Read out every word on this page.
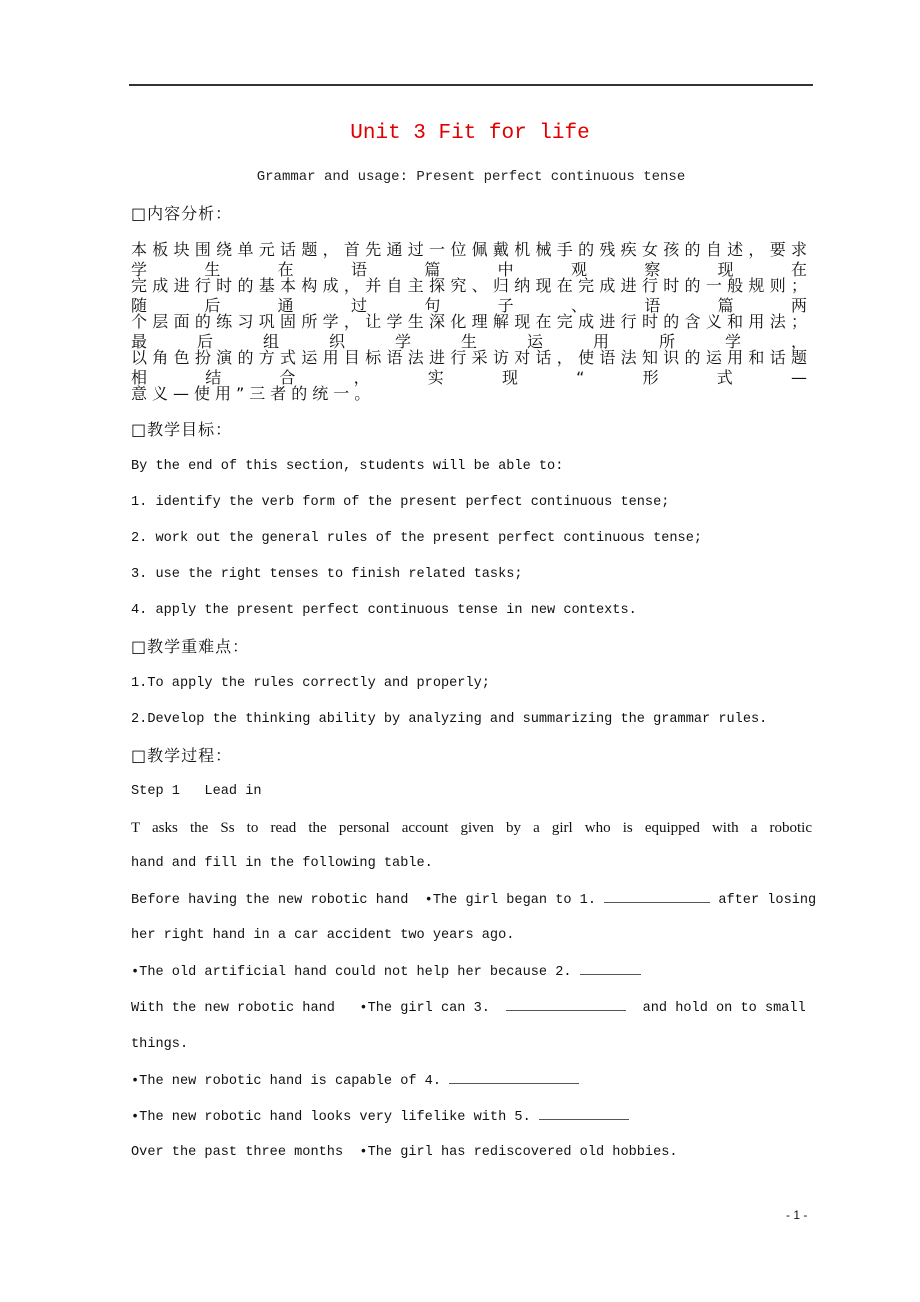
Unit 3 Fit for life
Grammar and usage: Present perfect continuous tense
□内容分析：
本板块围绕单元话题，首先通过一位佩戴机械手的残疾女孩的自述，要求学生在语篇中观察现在
完成进行时的基本构成，并自主探究、归纳现在完成进行时的一般规则；随后通过句子、语篇两
个层面的练习巩固所学，让学生深化理解现在完成进行时的含义和用法；最后组织学生运用所学，
以角色扮演的方式运用目标语法进行采访对话，使语法知识的运用和话题相结合，实现“形式—
意义—使用”三者的统一。
□教学目标：
By the end of this section, students will be able to:
1. identify the verb form of the present perfect continuous tense;
2. work out the general rules of the present perfect continuous tense;
3. use the right tenses to finish related tasks;
4. apply the present perfect continuous tense in new contexts.
□教学重难点：
1.To apply the rules correctly and properly;
2.Develop the thinking ability by analyzing and summarizing the grammar rules.
□教学过程：
Step 1   Lead in
T asks the Ss to read the personal account given by a girl who is equipped with a robotic
hand and fill in the following table.
Before having the new robotic hand  •The girl began to 1.	after losing
her right hand in a car accident two years ago.
•The old artificial hand could not help her because 2.
With the new robotic hand   •The girl can 3.	and hold on to small
things.
•The new robotic hand is capable of 4.
•The new robotic hand looks very lifelike with 5.
Over the past three months  •The girl has rediscovered old hobbies.
- 1 -
